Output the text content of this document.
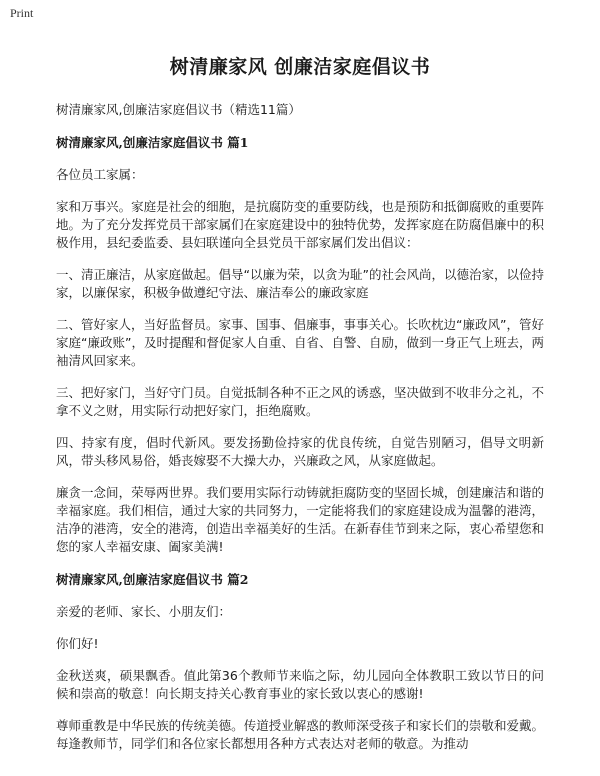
Print
树清廉家风 创廉洁家庭倡议书
树清廉家风,创廉洁家庭倡议书（精选11篇）
树清廉家风,创廉洁家庭倡议书 篇1

各位员工家属：

家和万事兴。家庭是社会的细胞，是抗腐防变的重要防线，也是预防和抵御腐败的重要阵地。为了充分发挥党员干部家属们在家庭建设中的独特优势，发挥家庭在防腐倡廉中的积极作用，县纪委监委、县妇联谨向全县党员干部家属们发出倡议：

一、清正廉洁，从家庭做起。倡导“以廉为荣，以贪为耻”的社会风尚，以德治家，以俭持家，以廉保家，积极争做遵纪守法、廉洁奉公的廉政家庭

二、管好家人，当好监督员。家事、国事、倡廉事，事事关心。长吹枕边“廉政风”，管好家庭“廉政账”，及时提醒和督促家人自重、自省、自警、自励，做到一身正气上班去，两袖清风回家来。

三、把好家门，当好守门员。自觉抵制各种不正之风的诱惑，坚决做到不收非分之礼，不拿不义之财，用实际行动把好家门，拒绝腐败。

四、持家有度，倡时代新风。要发扬勤俭持家的优良传统，自觉告别陋习，倡导文明新风，带头移风易俗，婚丧嫁娶不大操大办，兴廉政之风，从家庭做起。

廉贪一念间，荣辱两世界。我们要用实际行动铸就拒腐防变的坚固长城，创建廉洁和谐的幸福家庭。我们相信，通过大家的共同努力，一定能将我们的家庭建设成为温馨的港湾，洁净的港湾，安全的港湾，创造出幸福美好的生活。在新春佳节到来之际，衷心希望您和您的家人幸福安康、阖家美满!

树清廉家风,创廉洁家庭倡议书 篇2

亲爱的老师、家长、小朋友们：

你们好!

金秋送爽，硕果飘香。值此第36个教师节来临之际，幼儿园向全体教职工致以节日的问候和崇高的敬意！向长期支持关心教育事业的家长致以衷心的感谢!

尊师重教是中华民族的传统美德。传道授业解惑的教师深受孩子和家长们的崇敬和爱戴。每逢教师节，同学们和各位家长都想用各种方式表达对老师的敬意。为推动
